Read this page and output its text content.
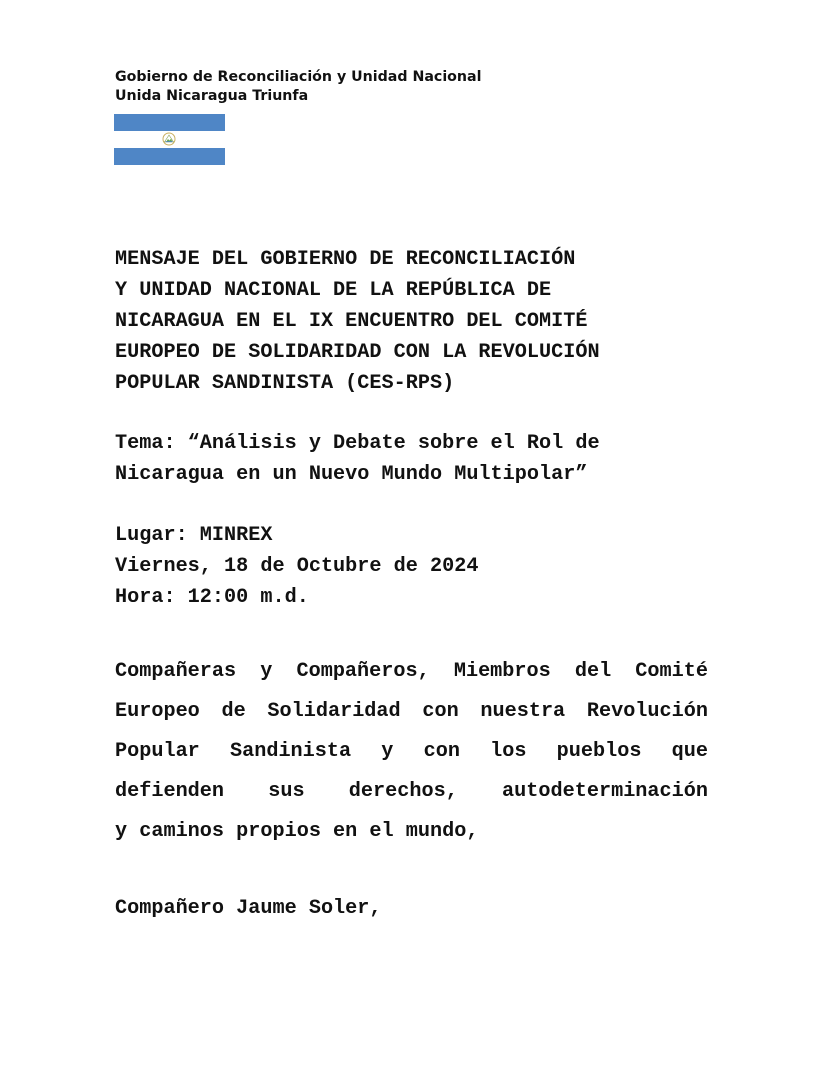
Gobierno de Reconciliación y Unidad Nacional
Unida Nicaragua Triunfa
MENSAJE DEL GOBIERNO DE RECONCILIACIÓN
Y UNIDAD NACIONAL DE LA REPÚBLICA DE
NICARAGUA EN EL IX ENCUENTRO DEL COMITÉ
EUROPEO DE SOLIDARIDAD CON LA REVOLUCIÓN
POPULAR SANDINISTA (CES-RPS)
Tema: “Análisis y Debate sobre el Rol de
Nicaragua en un Nuevo Mundo Multipolar”
Lugar: MINREX
Viernes, 18 de Octubre de 2024
Hora: 12:00 m.d.
Compañeras y Compañeros, Miembros del Comité
Europeo de Solidaridad con nuestra Revolución
Popular Sandinista y con los pueblos que
defienden sus derechos, autodeterminación
y caminos propios en el mundo,
Compañero Jaume Soler,
